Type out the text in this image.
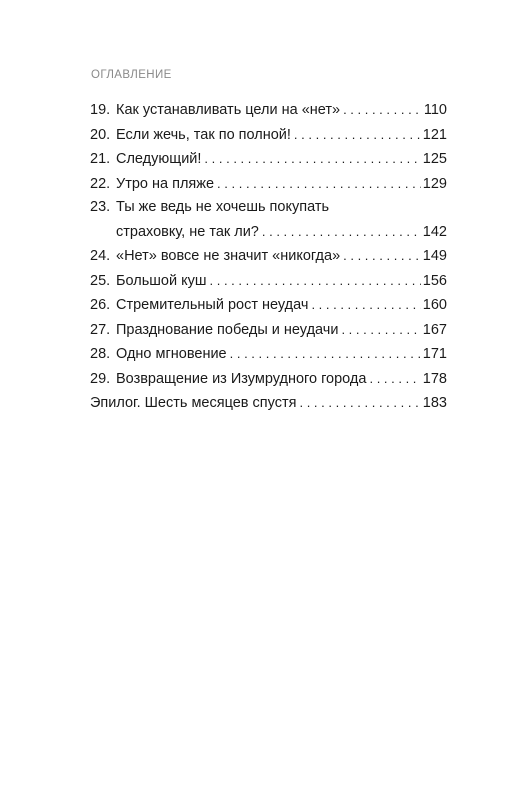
ОГЛАВЛЕНИЕ
19. Как устанавливать цели на «нет» . . .	110
20. Если жечь, так по полной! . . .	121
21. Следующий! . . .	125
22. Утро на пляже . . .	129
23. Ты же ведь не хочешь покупать
страховку, не так ли? . . .	142
24. «Нет» вовсе не значит «никогда» . . .	149
25. Большой куш . . .	156
26. Стремительный рост неудач . . .	160
27. Празднование победы и неудачи . . .	167
28. Одно мгновение . . .	171
29. Возвращение из Изумрудного города . . .	178
Эпилог. Шесть месяцев спустя . . .	183
